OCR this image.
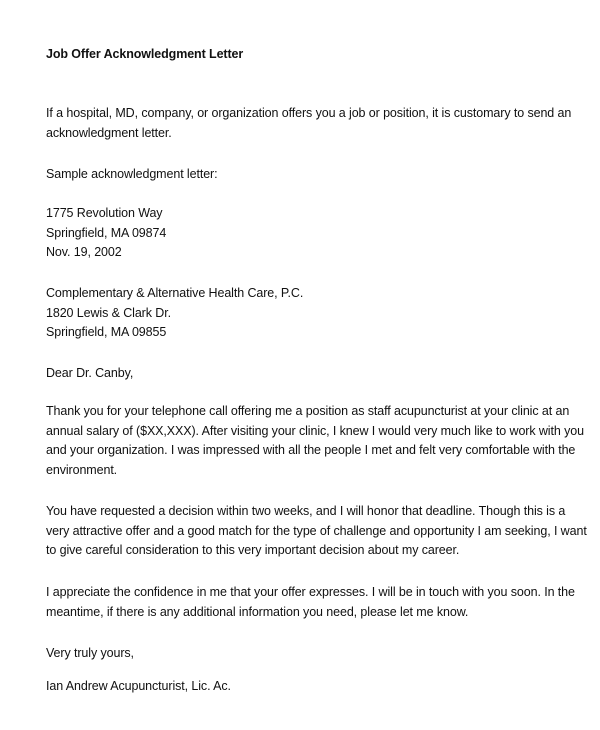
Job Offer Acknowledgment Letter
If a hospital, MD, company, or organization offers you a job or position, it is customary to send an
acknowledgment letter.
Sample acknowledgment letter:
1775 Revolution Way
Springfield, MA 09874
Nov. 19, 2002
Complementary & Alternative Health Care, P.C.
1820 Lewis & Clark Dr.
Springfield, MA 09855
Dear Dr. Canby,
Thank you for your telephone call offering me a position as staff acupuncturist at your clinic at an
annual salary of ($XX,XXX). After visiting your clinic, I knew I would very much like to work with you
and your organization. I was impressed with all the people I met and felt very comfortable with the
environment.
You have requested a decision within two weeks, and I will honor that deadline. Though this is a
very attractive offer and a good match for the type of challenge and opportunity I am seeking, I want
to give careful consideration to this very important decision about my career.
I appreciate the confidence in me that your offer expresses. I will be in touch with you soon. In the
meantime, if there is any additional information you need, please let me know.
Very truly yours,
Ian Andrew Acupuncturist, Lic. Ac.
